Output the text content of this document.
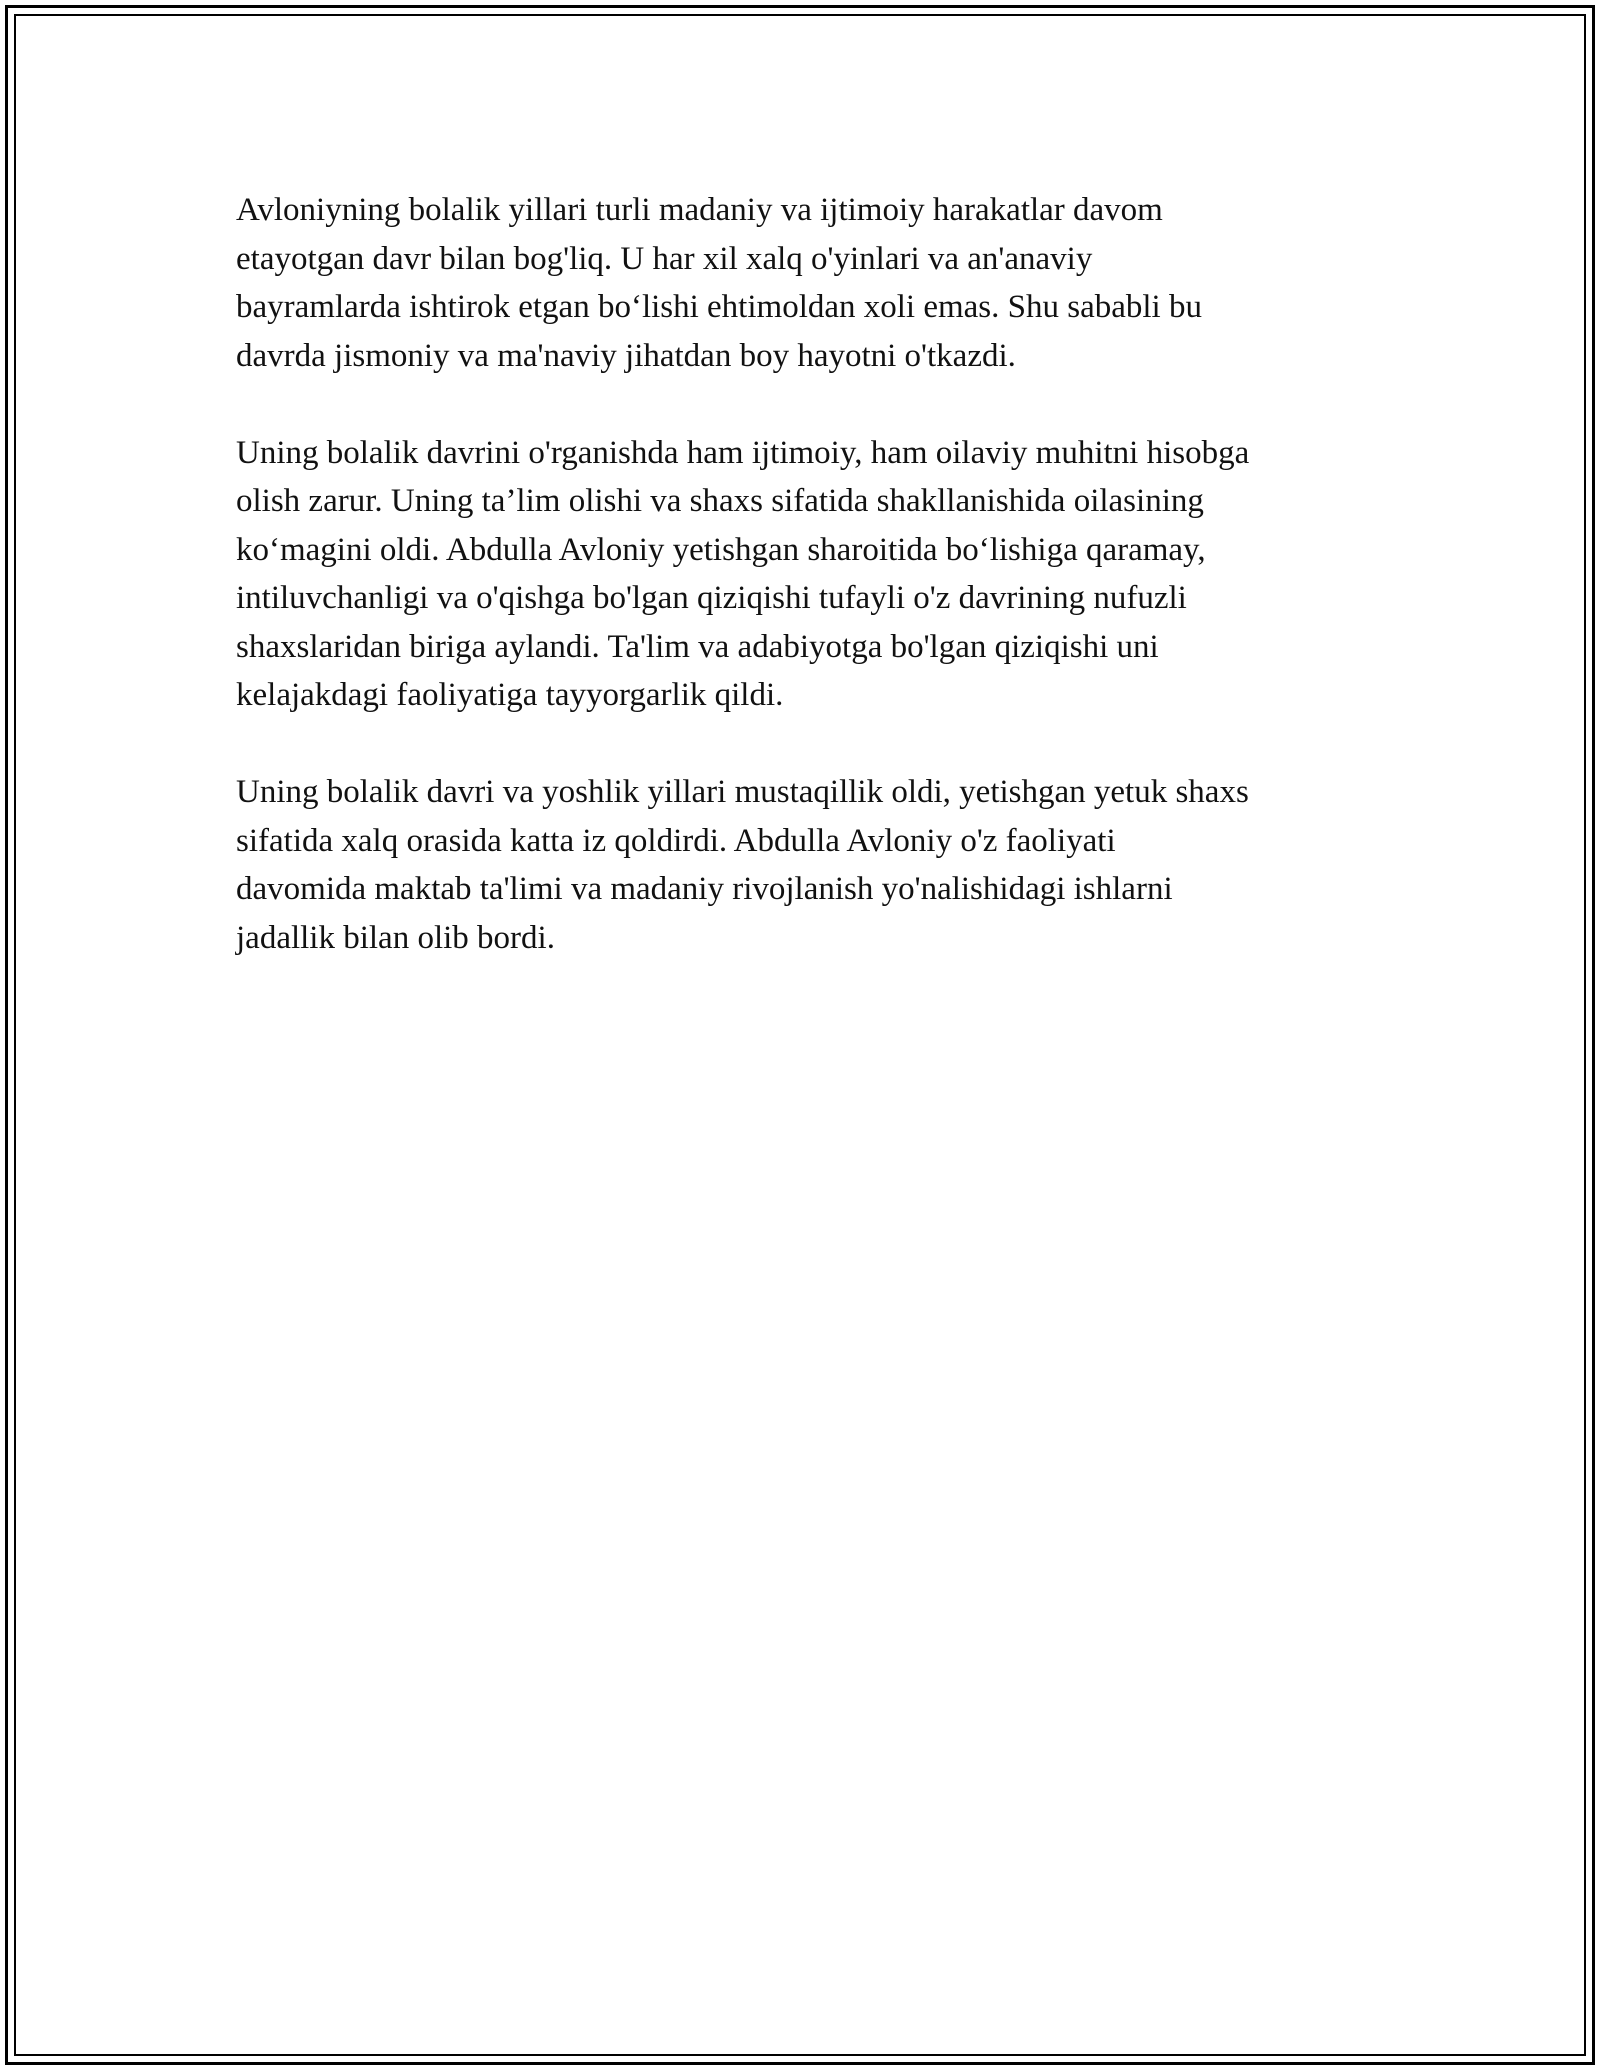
Avloniyning bolalik yillari turli madaniy va ijtimoiy harakatlar davom
etayotgan davr bilan bog'liq. U har xil xalq o'yinlari va an'anaviy
bayramlarda ishtirok etgan bo‘lishi ehtimoldan xoli emas. Shu sababli bu
davrda jismoniy va ma'naviy jihatdan boy hayotni o'tkazdi.

Uning bolalik davrini o'rganishda ham ijtimoiy, ham oilaviy muhitni hisobga
olish zarur. Uning ta’lim olishi va shaxs sifatida shakllanishida oilasining
ko‘magini oldi. Abdulla Avloniy yetishgan sharoitida bo‘lishiga qaramay,
intiluvchanligi va o'qishga bo'lgan qiziqishi tufayli o'z davrining nufuzli
shaxslaridan biriga aylandi. Ta'lim va adabiyotga bo'lgan qiziqishi uni
kelajakdagi faoliyatiga tayyorgarlik qildi.

Uning bolalik davri va yoshlik yillari mustaqillik oldi, yetishgan yetuk shaxs
sifatida xalq orasida katta iz qoldirdi. Abdulla Avloniy o'z faoliyati
davomida maktab ta'limi va madaniy rivojlanish yo'nalishidagi ishlarni
jadallik bilan olib bordi.
